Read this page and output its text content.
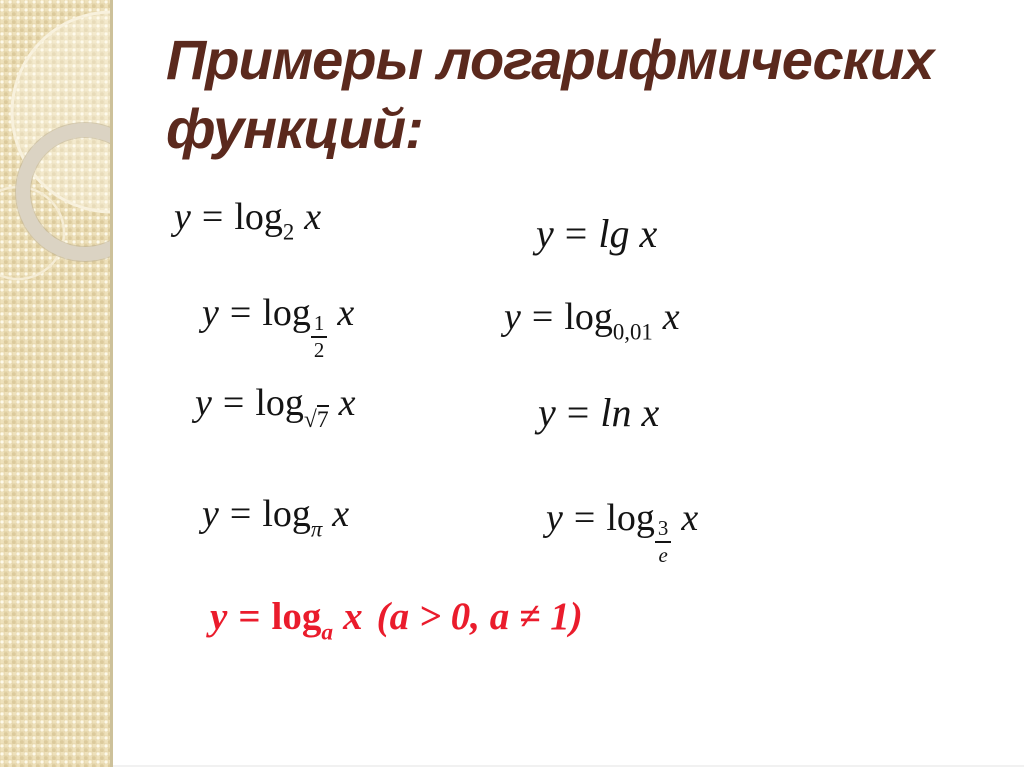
Примеры логарифмических функций:
$y = \log_2 x$	y = lg x
$y = \log \frac{1}{2}$ x	$y = \log_{0,01} x$
$y = \log_{√7} x$	y = ln x
$y = \log_\pi x$	$y = \log \frac{3}{e}$ x
$y = \log_a x$ (a > 0, a ≠ 1)
